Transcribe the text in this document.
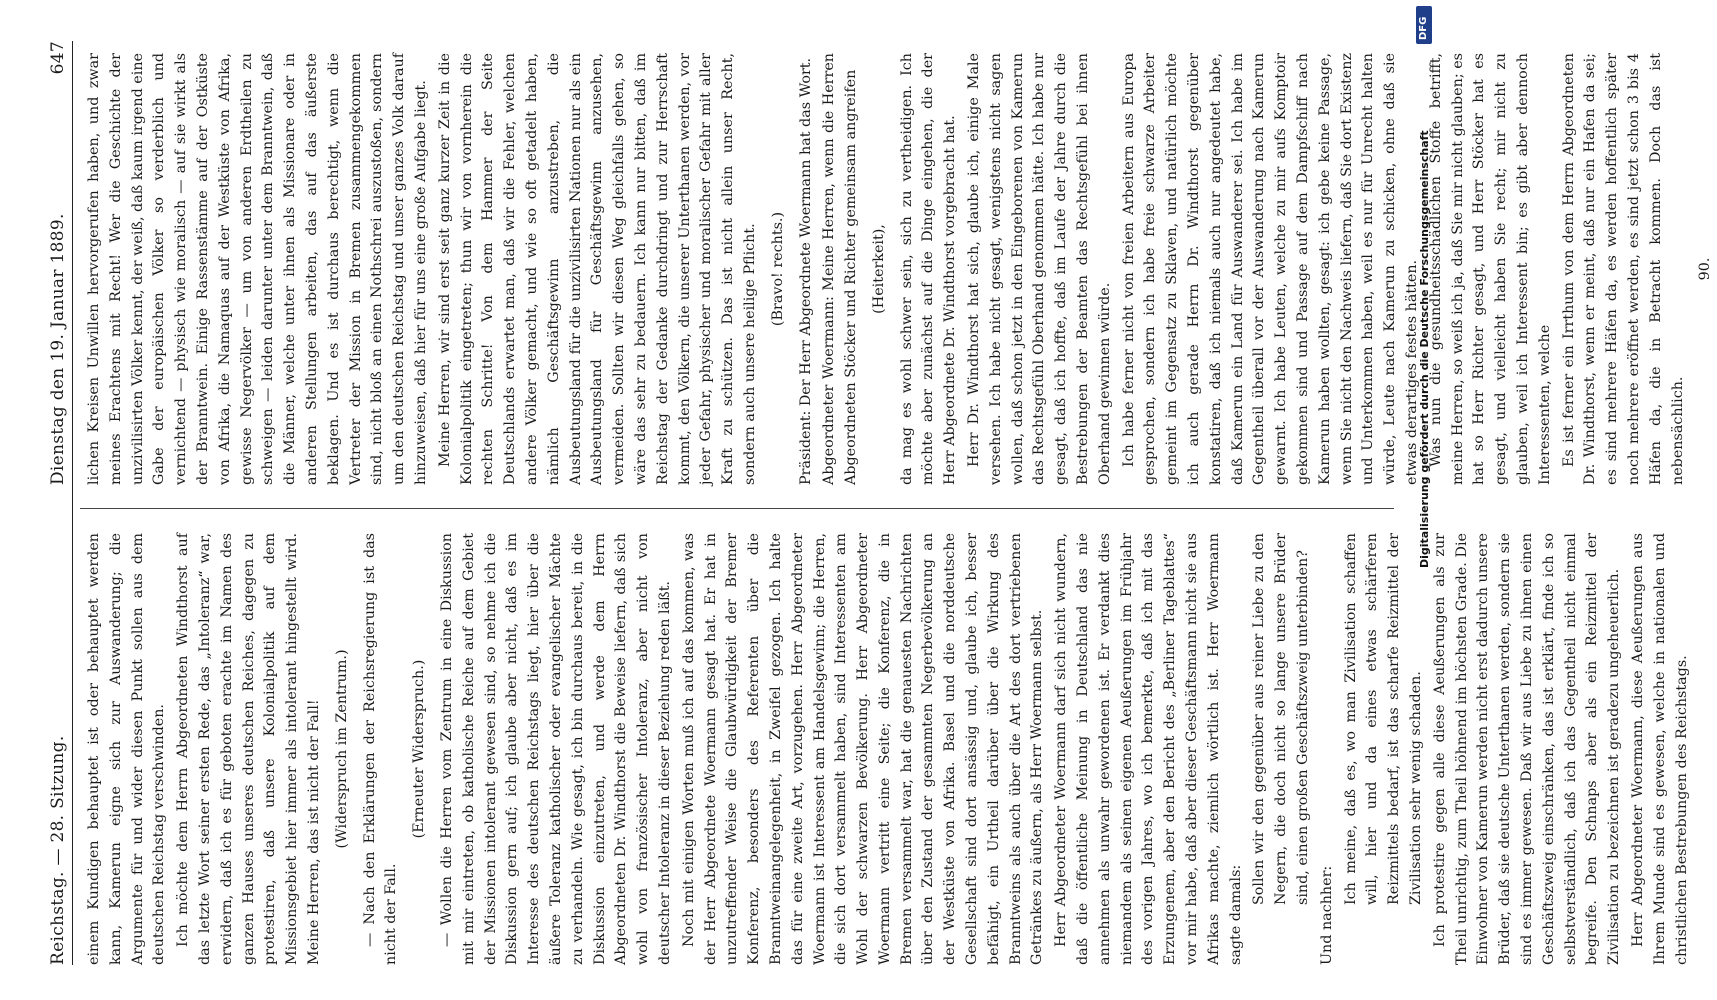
Reichstag. — 28. Sitzung.
Dienstag den 19. Januar 1889.
647

einem Kundigen behauptet ist oder behauptet werden kann, Kamerun eigne sich zur Auswanderung; die Argumente für und wider diesen Punkt sollen aus dem deutschen Reichstag verschwinden. Ich möchte dem Herrn Abgeordneten Windthorst auf das letzte Wort seiner ersten Rede, das „Intoleranz“ war, erwidern, daß ich es für geboten erachte im Namen des ganzen Hauses unseres deutschen Reiches, dagegen zu protestiren, daß unsere Kolonialpolitik auf dem Missionsgebiet hier immer als intolerant hingestellt wird. Meine Herren, das ist nicht der Fall! (Widerspruch im Zentrum.) — Nach den Erklärungen der Reichsregierung ist das nicht der Fall.

(Erneuter Widerspruch.) — Wollen die Herren vom Zentrum in eine Diskussion mit mir eintreten, ob katholische Reiche auf dem Gebiet der Missionen intolerant gewesen sind, so nehme ich die Diskussion gern auf; ich glaube aber nicht, daß es im Interesse des deutschen Reichstags liegt, hier über die äußere Toleranz katholischer oder evangelischer Mächte zu verhandeln. Wie gesagt, ich bin durchaus bereit, in die Diskussion einzutreten, und werde dem Herrn Abgeordneten Dr. Windthorst die Beweise liefern, daß sich wohl von französischer Intoleranz, aber nicht von deutscher Intoleranz in dieser Beziehung reden läßt. Noch mit einigen Worten muß ich auf das kommen, was der Herr Abgeordnete Woermann gesagt hat. Er hat in unzutreffender Weise die Glaubwürdigkeit der Bremer Konferenz, besonders des Referenten über die Branntweinangelegenheit, in Zweifel gezogen. Ich halte das für eine zweite Art, vorzugehen. Herr Abgeordneter Woermann ist Interessent am Handelsgewinn; die Herren, die sich dort versammelt haben, sind Interessenten am Wohl der schwarzen Bevölkerung. Herr Abgeordneter Woermann vertritt eine Seite; die Konferenz, die in Bremen versammelt war, hat die genauesten Nachrichten über den Zustand der gesammten Negerbevölkerung an der Westküste von Afrika. Basel und die norddeutsche Gesellschaft sind dort ansässig und, glaube ich, besser befähigt, ein Urtheil darüber über die Wirkung des Branntweins als auch über die Art des dort vertriebenen Getränkes zu äußern, als Herr Woermann selbst. Herr Abgeordneter Woermann darf sich nicht wundern, daß die öffentliche Meinung in Deutschland das nie annehmen als unwahr gewordenen ist. Er verdankt dies niemandem als seinen eigenen Aeußerungen im Frühjahr des vorigen Jahres, wo ich bemerkte, daß ich mit das Erzungenem, aber den Bericht des „Berliner Tageblattes“ vor mir habe, daß aber dieser Geschäftsmann nicht sie aus Afrikas machte, ziemlich wörtlich ist. Herr Woermann sagte damals:

Sollen wir den gegenüber aus reiner Liebe zu den Negern, die doch nicht so lange unsere Brüder sind, einen großen Geschäftszweig unterbinden?

Und nachher:

Ich meine, daß es, wo man Zivilisation schaffen will, hier und da eines etwas schärferen Reizmittels bedarf, ist das scharfe Reizmittel der Zivilisation sehr wenig schaden. Ich protestire gegen alle diese Aeußerungen als zur Theil unrichtig, zum Theil höhnend im höchsten Grade. Die Einwohner von Kamerun werden nicht erst dadurch unsere Brüder, daß sie deutsche Unterthanen werden, sondern sie sind es immer gewesen. Daß wir aus Liebe zu ihnen einen Geschäftszweig einschränken, das ist erklärt, finde ich so selbstverständlich, daß ich das Gegentheil nicht einmal begreife. Den Schnaps aber als ein Reizmittel der Zivilisation zu bezeichnen ist geradezu ungeheuerlich. Herr Abgeordneter Woermann, diese Aeußerungen aus Ihrem Munde sind es gewesen, welche in nationalen und christlichen Bestrebungen des Reichstags.

lichen Kreisen Unwillen hervorgerufen haben, und zwar meines Erachtens mit Recht! Wer die Geschichte der unzivilisirten Völker kennt, der weiß, daß kaum irgend eine Gabe der europäischen Völker so verderblich und vernichtend — physisch wie moralisch — auf sie wirkt als der Branntwein. Einige Rassenstämme auf der Ostküste von Afrika, die Namaquas auf der Westküste von Afrika, gewisse Negervölker — um von anderen Erdtheilen zu schweigen — leiden darunter unter dem Branntwein, daß die Männer, welche unter ihnen als Missionare oder in anderen Stellungen arbeiten, das auf das äußerste beklagen. Und es ist durchaus berechtigt, wenn die Vertreter der Mission in Bremen zusammengekommen sind, nicht bloß an einen Nothschrei auszustoßen, sondern um den deutschen Reichstag und unser ganzes Volk darauf hinzuweisen, daß hier für uns eine große Aufgabe liegt. Meine Herren, wir sind erst seit ganz kurzer Zeit in die Kolonialpolitik eingetreten; thun wir von vornherein die rechten Schritte! Von dem Hammer der Seite Deutschlands erwartet man, daß wir die Fehler, welchen andere Völker gemacht, und wie so oft getadelt haben, nämlich Geschäftsgewinn anzustreben, die Ausbeutungsland für die unzivilisirten Nationen nur als ein Ausbeutungsland für Geschäftsgewinn anzusehen, vermeiden. Sollten wir diesen Weg gleichfalls gehen, so wäre das sehr zu bedauern. Ich kann nur bitten, daß im Reichstag der Gedanke durchdringt und zur Herrschaft kommt, den Völkern, die unserer Unterthanen werden, vor jeder Gefahr, physischer und moralischer Gefahr mit aller Kraft zu schützen. Das ist nicht allein unser Recht, sondern auch unsere heilige Pflicht. (Bravo! rechts.) Präsident: Der Herr Abgeordnete Woermann hat das Wort. Abgeordneter Woermann: Meine Herren, wenn die Herren Abgeordneten Stöcker und Richter gemeinsam angreifen (Heiterkeit), da mag es wohl schwer sein, sich zu vertheidigen. Ich möchte aber zunächst auf die Dinge eingehen, die der Herr Abgeordnete Dr. Windthorst vorgebracht hat. Herr Dr. Windthorst hat sich, glaube ich, einige Male versehen. Ich habe nicht gesagt, wenigstens nicht sagen wollen, daß schon jetzt in den Eingeborenen von Kamerun das Rechtsgefühl Oberhand genommen hätte. Ich habe nur gesagt, daß ich hoffte, daß im Laufe der Jahre durch die Bestrebungen der Beamten das Rechtsgefühl bei ihnen Oberhand gewinnen würde. Ich habe ferner nicht von freien Arbeitern aus Europa gesprochen, sondern ich habe freie schwarze Arbeiter gemeint im Gegensatz zu Sklaven, und natürlich möchte ich auch gerade Herrn Dr. Windthorst gegenüber konstatiren, daß ich niemals auch nur angedeutet habe, daß Kamerun ein Land für Auswanderer sei. Ich habe im Gegentheil überall vor der Auswanderung nach Kamerun gewarnt. Ich habe Leuten, welche zu mir aufs Komptoir gekommen sind und Passage auf dem Dampfschiff nach Kamerun haben wollten, gesagt: ich gebe keine Passage, wenn Sie nicht den Nachweis liefern, daß Sie dort Existenz und Unterkommen haben, weil es nur für Unrecht halten würde, Leute nach Kamerun zu schicken, ohne daß sie etwas derartiges festes hätten. Was nun die gesundheitsschädlichen Stoffe betrifft, meine Herren, so weiß ich ja, daß Sie mir nicht glauben; es hat so Herr Richter gesagt, und Herr Stöcker hat es gesagt, und vielleicht haben Sie recht; mir nicht zu glauben, weil ich Interessent bin; es gibt aber dennoch Interessenten, welche Es ist ferner ein Irrthum von dem Herrn Abgeordneten Dr. Windthorst, wenn er meint, daß nur ein Hafen da sei; es sind mehrere Häfen da, es werden hoffentlich später noch mehrere eröffnet werden, es sind jetzt schon 3 bis 4 Häfen da, die in Betracht kommen. Doch das ist nebensächlich.

90.

Digitalisierung gefördert durch die Deutsche Forschungsgemeinschaft
DFG
